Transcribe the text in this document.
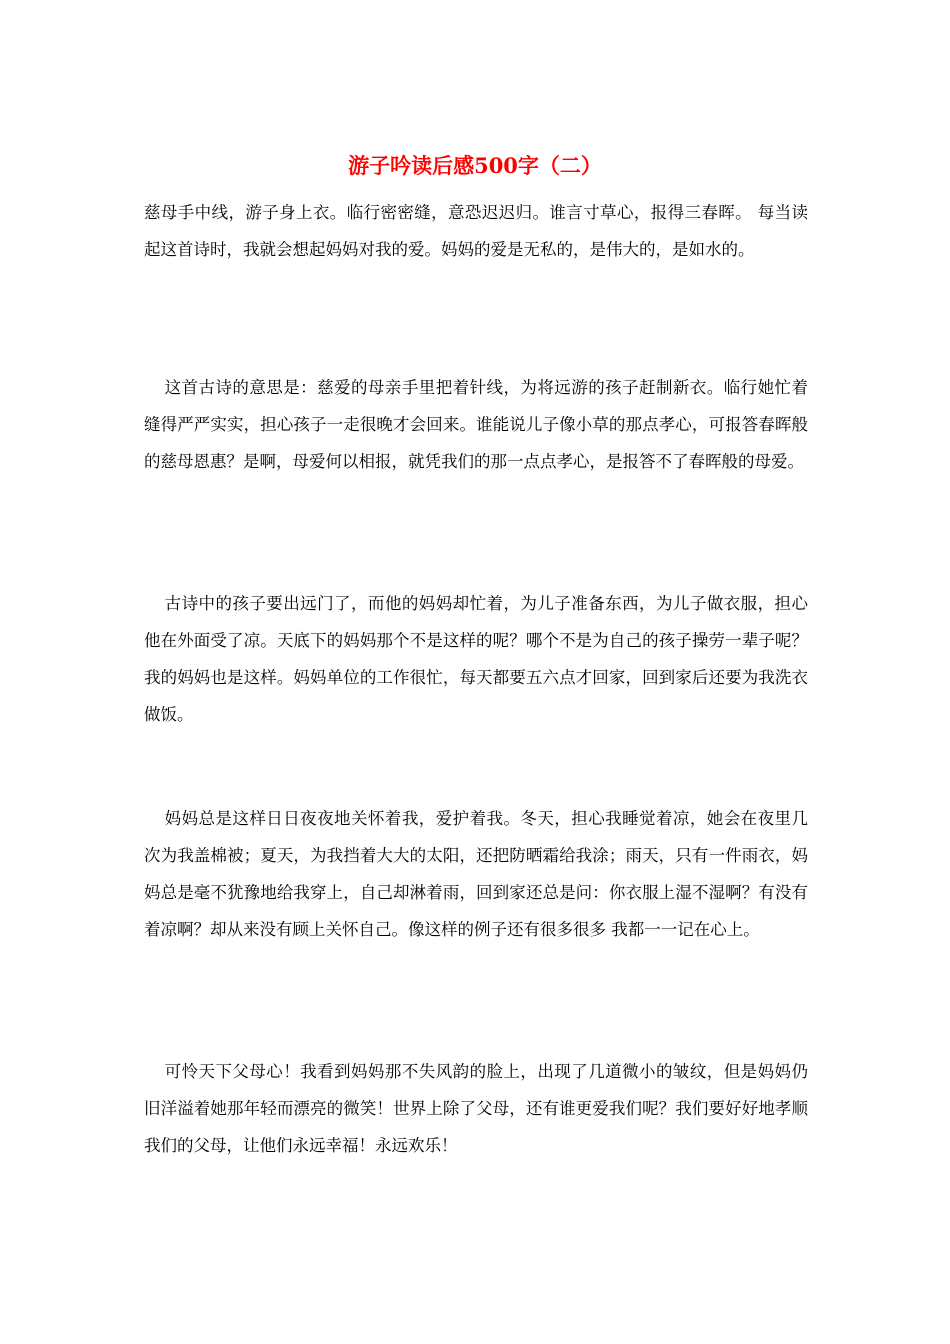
游子吟读后感500字（二）

慈母手中线，游子身上衣。临行密密缝，意恐迟迟归。谁言寸草心，报得三春晖。 每当读起这首诗时，我就会想起妈妈对我的爱。妈妈的爱是无私的，是伟大的，是如水的。

这首古诗的意思是：慈爱的母亲手里把着针线，为将远游的孩子赶制新衣。临行她忙着缝得严严实实，担心孩子一走很晚才会回来。谁能说儿子像小草的那点孝心，可报答春晖般的慈母恩惠？是啊，母爱何以相报，就凭我们的那一点点孝心，是报答不了春晖般的母爱。

古诗中的孩子要出远门了，而他的妈妈却忙着，为儿子准备东西，为儿子做衣服，担心他在外面受了凉。天底下的妈妈那个不是这样的呢？哪个不是为自己的孩子操劳一辈子呢？我的妈妈也是这样。妈妈单位的工作很忙，每天都要五六点才回家，回到家后还要为我洗衣做饭。

妈妈总是这样日日夜夜地关怀着我，爱护着我。冬天，担心我睡觉着凉，她会在夜里几次为我盖棉被；夏天，为我挡着大大的太阳，还把防晒霜给我涂；雨天，只有一件雨衣，妈妈总是毫不犹豫地给我穿上，自己却淋着雨，回到家还总是问：你衣服上湿不湿啊？有没有着凉啊？却从来没有顾上关怀自己。像这样的例子还有很多很多 我都一一记在心上。

可怜天下父母心！我看到妈妈那不失风韵的脸上，出现了几道微小的皱纹，但是妈妈仍旧洋溢着她那年轻而漂亮的微笑！世界上除了父母，还有谁更爱我们呢？我们要好好地孝顺我们的父母，让他们永远幸福！永远欢乐！
